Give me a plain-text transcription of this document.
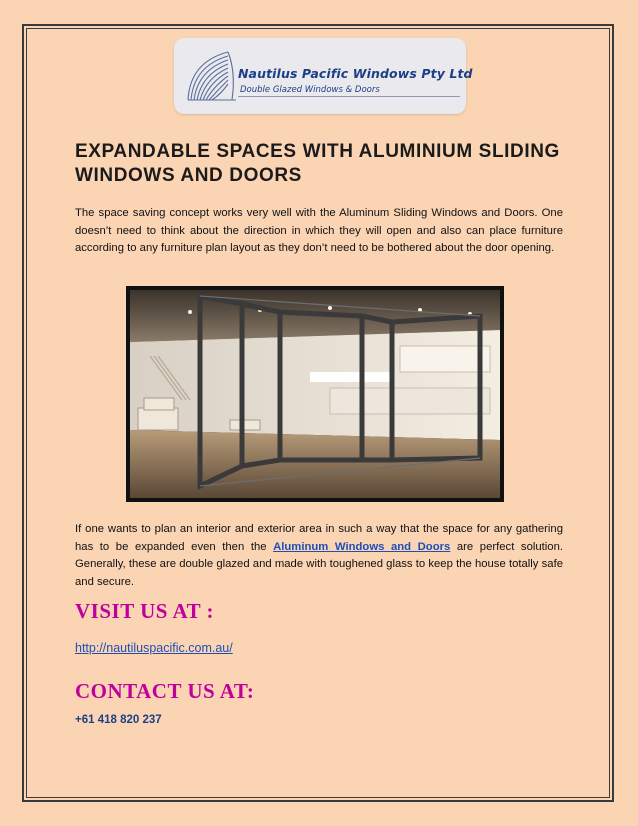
Nautilus Pacific Windows Pty Ltd
Double Glazed Windows & Doors
EXPANDABLE SPACES WITH ALUMINIUM SLIDING WINDOWS AND DOORS

The space saving concept works very well with the Aluminum Sliding Windows and Doors. One doesn’t need to think about the direction in which they will open and also can place furniture according to any furniture plan layout as they don’t need to be bothered about the door opening.

If one wants to plan an interior and exterior area in such a way that the space for any gathering has to be expanded even then the Aluminum Windows and Doors are perfect solution. Generally, these are double glazed and made with toughened glass to keep the house totally safe and secure.

VISIT US AT :
http://nautiluspacific.com.au/
CONTACT US AT:
+61 418 820 237
